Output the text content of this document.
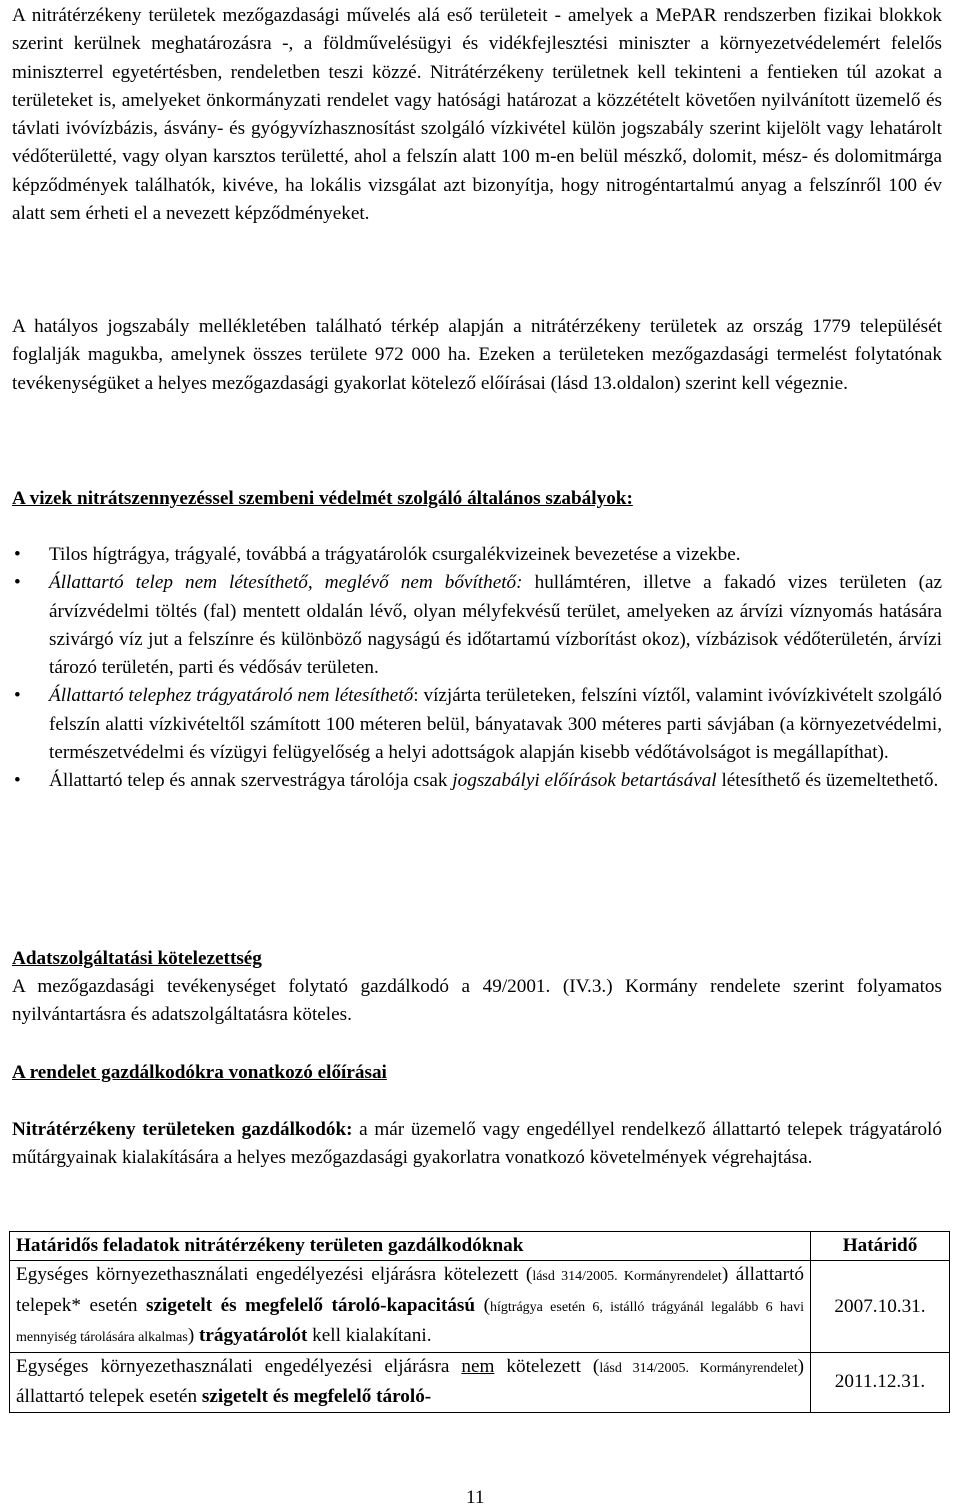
A nitrátérzékeny területek mezőgazdasági művelés alá eső területeit - amelyek a MePAR rendszerben fizikai blokkok szerint kerülnek meghatározásra -, a földművelésügyi és vidékfejlesztési miniszter a környezetvédelemért felelős miniszterrel egyetértésben, rendeletben teszi közzé. Nitrátérzékeny területnek kell tekinteni a fentieken túl azokat a területeket is, amelyeket önkormányzati rendelet vagy hatósági határozat a közzétételt követően nyilvánított üzemelő és távlati ivóvízbázis, ásvány- és gyógyvízhasznosítást szolgáló vízkivétel külön jogszabály szerint kijelölt vagy lehatárolt védőterületté, vagy olyan karsztos területté, ahol a felszín alatt 100 m-en belül mészkő, dolomit, mész- és dolomitmárga képződmények találhatók, kivéve, ha lokális vizsgálat azt bizonyítja, hogy nitrogéntartalmú anyag a felszínről 100 év alatt sem érheti el a nevezett képződményeket.

A hatályos jogszabály mellékletében található térkép alapján a nitrátérzékeny területek az ország 1779 települését foglalják magukba, amelynek összes területe 972 000 ha. Ezeken a területeken mezőgazdasági termelést folytatónak tevékenységüket a helyes mezőgazdasági gyakorlat kötelező előírásai (lásd 13.oldalon) szerint kell végeznie.

A vizek nitrátszennyezéssel szembeni védelmét szolgáló általános szabályok:
• Tilos hígtrágya, trágyalé, továbbá a trágyatárolók csurgalékvizeinek bevezetése a vizekbe.
• Állattartó telep nem létesíthető, meglévő nem bővíthető: hullámtéren, illetve a fakadó vizes területen (az árvízvédelmi töltés (fal) mentett oldalán lévő, olyan mélyfekvésű terület, amelyeken az árvízi víznyomás hatására szivárgó víz jut a felszínre és különböző nagyságú és időtartamú vízborítást okoz), vízbázisok védőterületén, árvízi tározó területén, parti és védősáv területen.
• Állattartó telephez trágyatároló nem létesíthető: vízjárta területeken, felszíni víztől, valamint ivóvízkivételt szolgáló felszín alatti vízkivételtől számított 100 méteren belül, bányatavak 300 méteres parti sávjában (a környezetvédelmi, természetvédelmi és vízügyi felügyelőség a helyi adottságok alapján kisebb védőtávolságot is megállapíthat).
• Állattartó telep és annak szervestrágya tárolója csak jogszabályi előírások betartásával létesíthető és üzemeltethető.
Adatszolgáltatási kötelezettség

A mezőgazdasági tevékenységet folytató gazdálkodó a 49/2001. (IV.3.) Kormány rendelete szerint folyamatos nyilvántartásra és adatszolgáltatásra köteles.

A rendelet gazdálkodókra vonatkozó előírásai

Nitrátérzékeny területeken gazdálkodók: a már üzemelő vagy engedéllyel rendelkező állattartó telepek trágyatároló műtárgyainak kialakítására a helyes mezőgazdasági gyakorlatra vonatkozó követelmények végrehajtása.

Határidős feladatok nitrátérzékeny területen gazdálkodóknak	Határidő
Egységes környezethasználati engedélyezési eljárásra kötelezett (lásd 314/2005. Kormányrendelet) állattartó telepek* esetén szigetelt és megfelelő tároló-kapacitású (hígtrágya esetén 6, istálló trágyánál legalább 6 havi mennyiség tárolására alkalmas) trágyatárolót kell kialakítani.	2007.10.31.
Egységes környezethasználati engedélyezési eljárásra nem kötelezett (lásd 314/2005. Kormányrendelet) állattartó telepek esetén szigetelt és megfelelő tároló-	2011.12.31.
11
